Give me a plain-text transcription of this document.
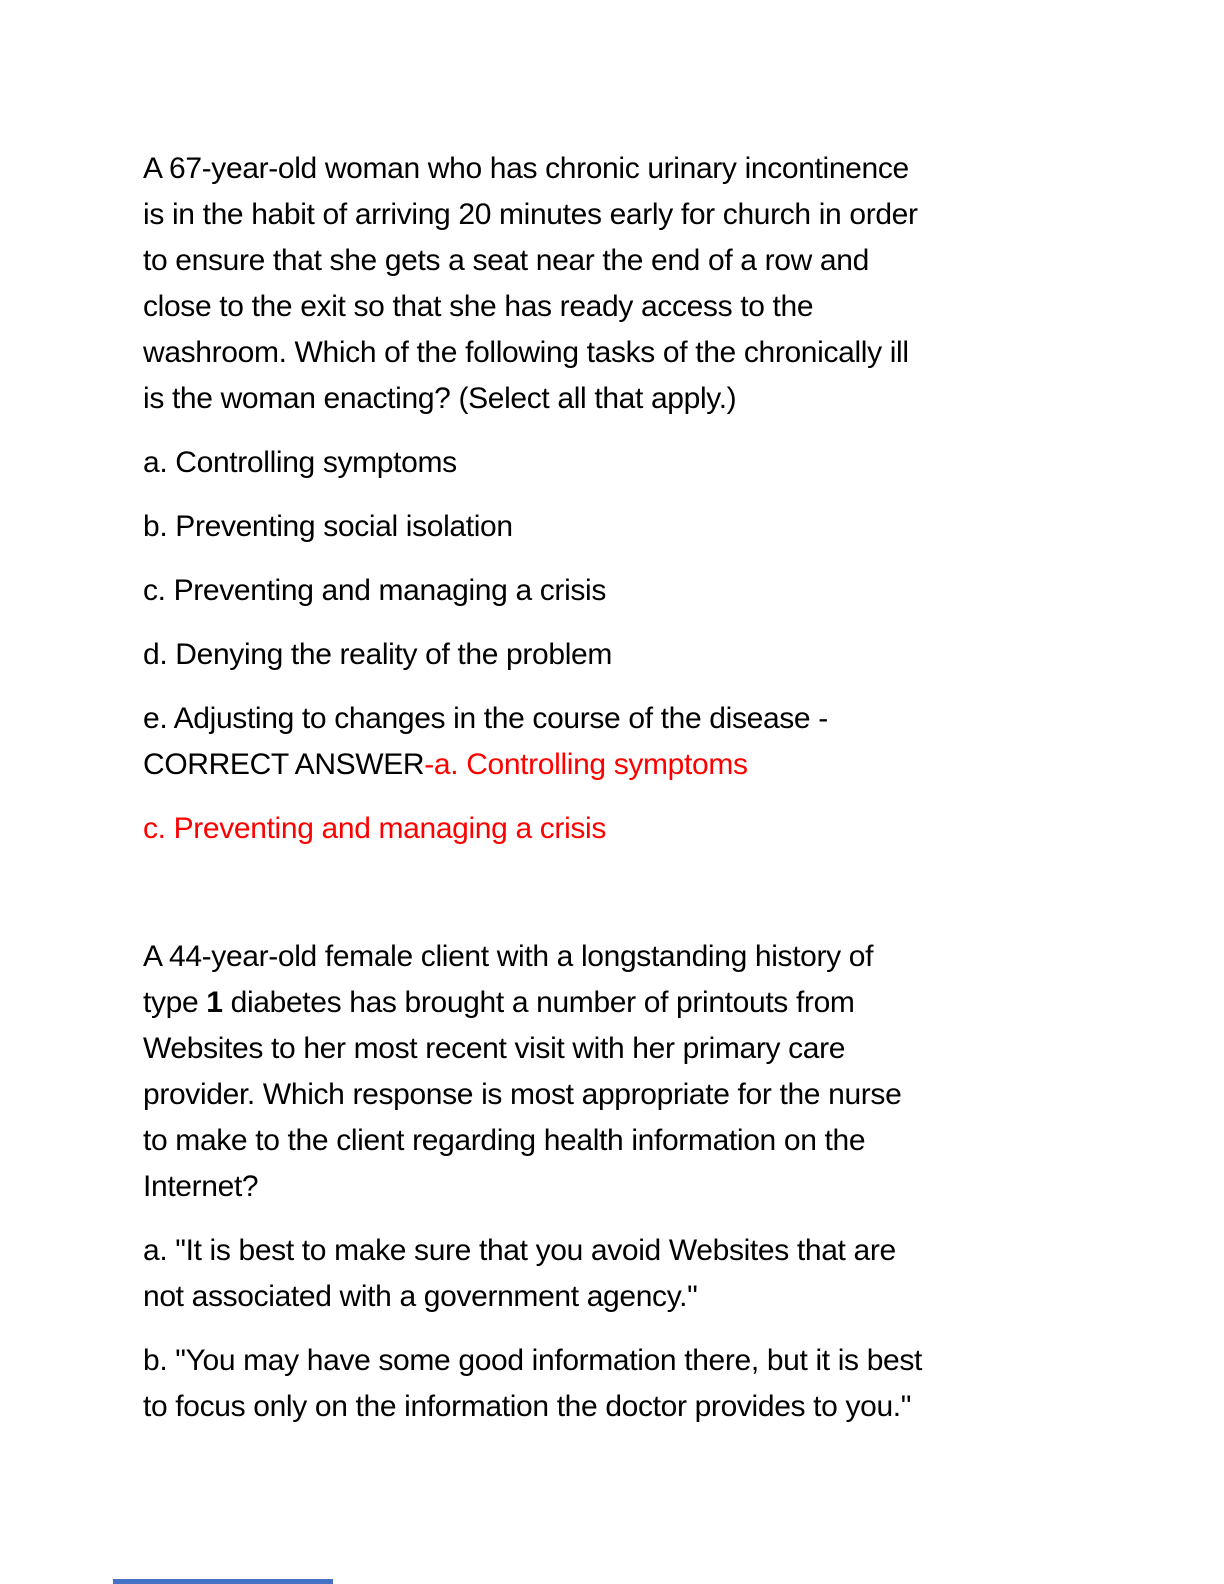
A 67-year-old woman who has chronic urinary incontinence
is in the habit of arriving 20 minutes early for church in order
to ensure that she gets a seat near the end of a row and
close to the exit so that she has ready access to the
washroom. Which of the following tasks of the chronically ill
is the woman enacting? (Select all that apply.)

a. Controlling symptoms

b. Preventing social isolation

c. Preventing and managing a crisis

d. Denying the reality of the problem

e. Adjusting to changes in the course of the disease -
CORRECT ANSWER-a. Controlling symptoms

c. Preventing and managing a crisis

A 44-year-old female client with a longstanding history of
type 1 diabetes has brought a number of printouts from
Websites to her most recent visit with her primary care
provider. Which response is most appropriate for the nurse
to make to the client regarding health information on the
Internet?

a. "It is best to make sure that you avoid Websites that are
not associated with a government agency."

b. "You may have some good information there, but it is best
to focus only on the information the doctor provides to you."
